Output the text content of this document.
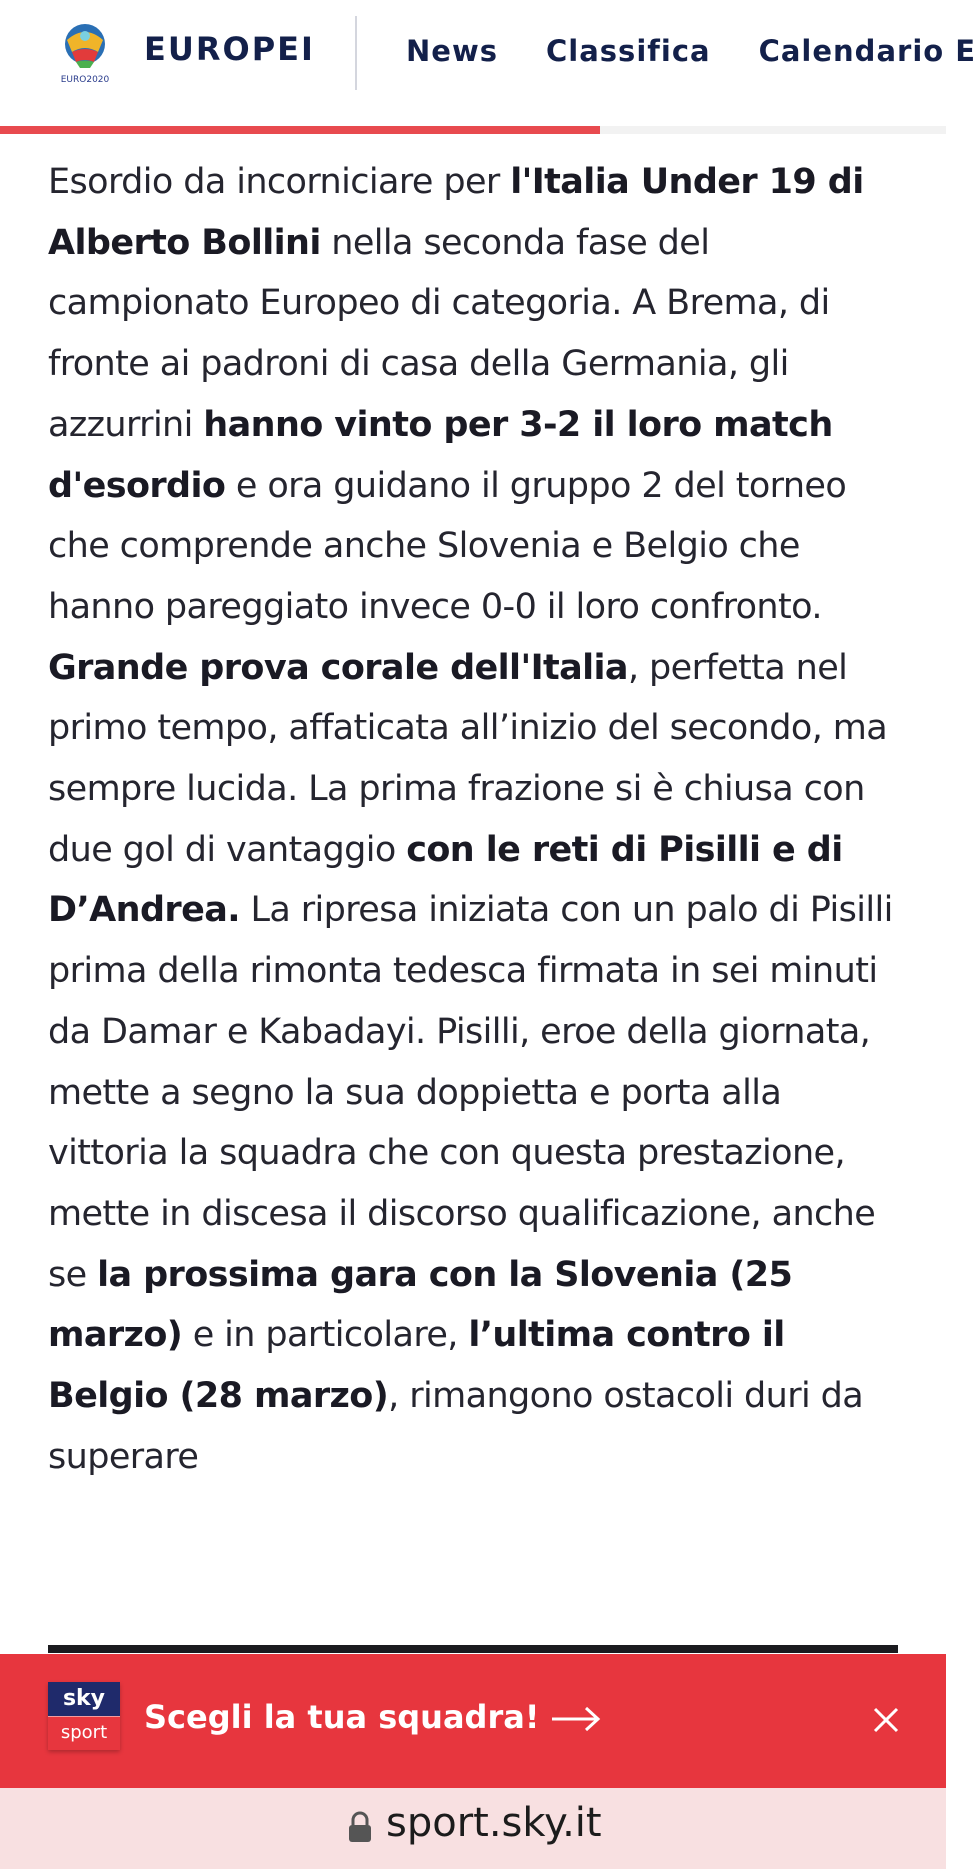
EURO2020
EUROPEI	News Classifica Calendario E
Esordio da incorniciare per l'Italia Under 19 di Alberto Bollini nella seconda fase del campionato Europeo di categoria. A Brema, di fronte ai padroni di casa della Germania, gli azzurrini hanno vinto per 3-2 il loro match d'esordio e ora guidano il gruppo 2 del torneo che comprende anche Slovenia e Belgio che hanno pareggiato invece 0-0 il loro confronto. Grande prova corale dell'Italia, perfetta nel primo tempo, affaticata all’inizio del secondo, ma sempre lucida. La prima frazione si è chiusa con due gol di vantaggio con le reti di Pisilli e di D’Andrea. La ripresa iniziata con un palo di Pisilli prima della rimonta tedesca firmata in sei minuti da Damar e Kabadayi. Pisilli, eroe della giornata, mette a segno la sua doppietta e porta alla vittoria la squadra che con questa prestazione, mette in discesa il discorso qualificazione, anche se la prossima gara con la Slovenia (25 marzo) e in particolare, l’ultima contro il Belgio (28 marzo), rimangono ostacoli duri da superare
sky
sport	Scegli la tua squadra!
sport.sky.it
